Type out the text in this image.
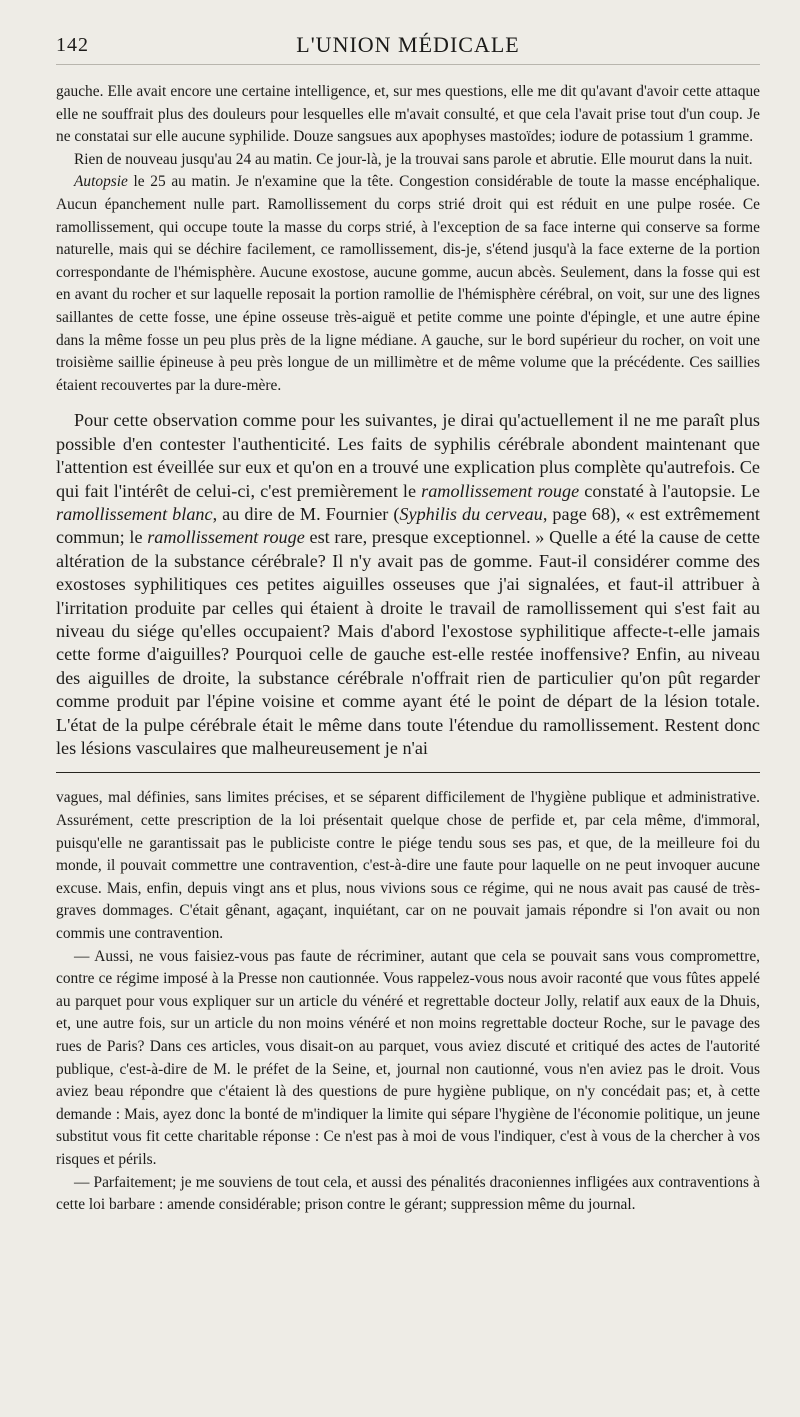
142	L'UNION MÉDICALE

gauche. Elle avait encore une certaine intelligence, et, sur mes questions, elle me dit qu'avant d'avoir cette attaque elle ne souffrait plus des douleurs pour lesquelles elle m'avait consulté, et que cela l'avait prise tout d'un coup. Je ne constatai sur elle aucune syphilide. Douze sangsues aux apophyses mastoïdes; iodure de potassium 1 gramme.

Rien de nouveau jusqu'au 24 au matin. Ce jour-là, je la trouvai sans parole et abrutie. Elle mourut dans la nuit.

Autopsie le 25 au matin. Je n'examine que la tête. Congestion considérable de toute la masse encéphalique. Aucun épanchement nulle part. Ramollissement du corps strié droit qui est réduit en une pulpe rosée. Ce ramollissement, qui occupe toute la masse du corps strié, à l'exception de sa face interne qui conserve sa forme naturelle, mais qui se déchire facilement, ce ramollissement, dis-je, s'étend jusqu'à la face externe de la portion correspondante de l'hémisphère. Aucune exostose, aucune gomme, aucun abcès. Seulement, dans la fosse qui est en avant du rocher et sur laquelle reposait la portion ramollie de l'hémisphère cérébral, on voit, sur une des lignes saillantes de cette fosse, une épine osseuse très-aiguë et petite comme une pointe d'épingle, et une autre épine dans la même fosse un peu plus près de la ligne médiane. A gauche, sur le bord supérieur du rocher, on voit une troisième saillie épineuse à peu près longue de un millimètre et de même volume que la précédente. Ces saillies étaient recouvertes par la dure-mère.

Pour cette observation comme pour les suivantes, je dirai qu'actuellement il ne me paraît plus possible d'en contester l'authenticité. Les faits de syphilis cérébrale abondent maintenant que l'attention est éveillée sur eux et qu'on en a trouvé une explication plus complète qu'autrefois. Ce qui fait l'intérêt de celui-ci, c'est premièrement le ramollissement rouge constaté à l'autopsie. Le ramollissement blanc, au dire de M. Fournier (Syphilis du cerveau, page 68), « est extrêmement commun; le ramollissement rouge est rare, presque exceptionnel. » Quelle a été la cause de cette altération de la substance cérébrale? Il n'y avait pas de gomme. Faut-il considérer comme des exostoses syphilitiques ces petites aiguilles osseuses que j'ai signalées, et faut-il attribuer à l'irritation produite par celles qui étaient à droite le travail de ramollissement qui s'est fait au niveau du siége qu'elles occupaient? Mais d'abord l'exostose syphilitique affecte-t-elle jamais cette forme d'aiguilles? Pourquoi celle de gauche est-elle restée inoffensive? Enfin, au niveau des aiguilles de droite, la substance cérébrale n'offrait rien de particulier qu'on pût regarder comme produit par l'épine voisine et comme ayant été le point de départ de la lésion totale. L'état de la pulpe cérébrale était le même dans toute l'étendue du ramollissement. Restent donc les lésions vasculaires que malheureusement je n'ai

vagues, mal définies, sans limites précises, et se séparent difficilement de l'hygiène publique et administrative. Assurément, cette prescription de la loi présentait quelque chose de perfide et, par cela même, d'immoral, puisqu'elle ne garantissait pas le publiciste contre le piége tendu sous ses pas, et que, de la meilleure foi du monde, il pouvait commettre une contravention, c'est-à-dire une faute pour laquelle on ne peut invoquer aucune excuse. Mais, enfin, depuis vingt ans et plus, nous vivions sous ce régime, qui ne nous avait pas causé de très-graves dommages. C'était gênant, agaçant, inquiétant, car on ne pouvait jamais répondre si l'on avait ou non commis une contravention.

— Aussi, ne vous faisiez-vous pas faute de récriminer, autant que cela se pouvait sans vous compromettre, contre ce régime imposé à la Presse non cautionnée. Vous rappelez-vous nous avoir raconté que vous fûtes appelé au parquet pour vous expliquer sur un article du vénéré et regrettable docteur Jolly, relatif aux eaux de la Dhuis, et, une autre fois, sur un article du non moins vénéré et non moins regrettable docteur Roche, sur le pavage des rues de Paris? Dans ces articles, vous disait-on au parquet, vous aviez discuté et critiqué des actes de l'autorité publique, c'est-à-dire de M. le préfet de la Seine, et, journal non cautionné, vous n'en aviez pas le droit. Vous aviez beau répondre que c'étaient là des questions de pure hygiène publique, on n'y concédait pas; et, à cette demande : Mais, ayez donc la bonté de m'indiquer la limite qui sépare l'hygiène de l'économie politique, un jeune substitut vous fit cette charitable réponse : Ce n'est pas à moi de vous l'indiquer, c'est à vous de la chercher à vos risques et périls.

— Parfaitement; je me souviens de tout cela, et aussi des pénalités draconiennes infligées aux contraventions à cette loi barbare : amende considérable; prison contre le gérant; suppression même du journal.
